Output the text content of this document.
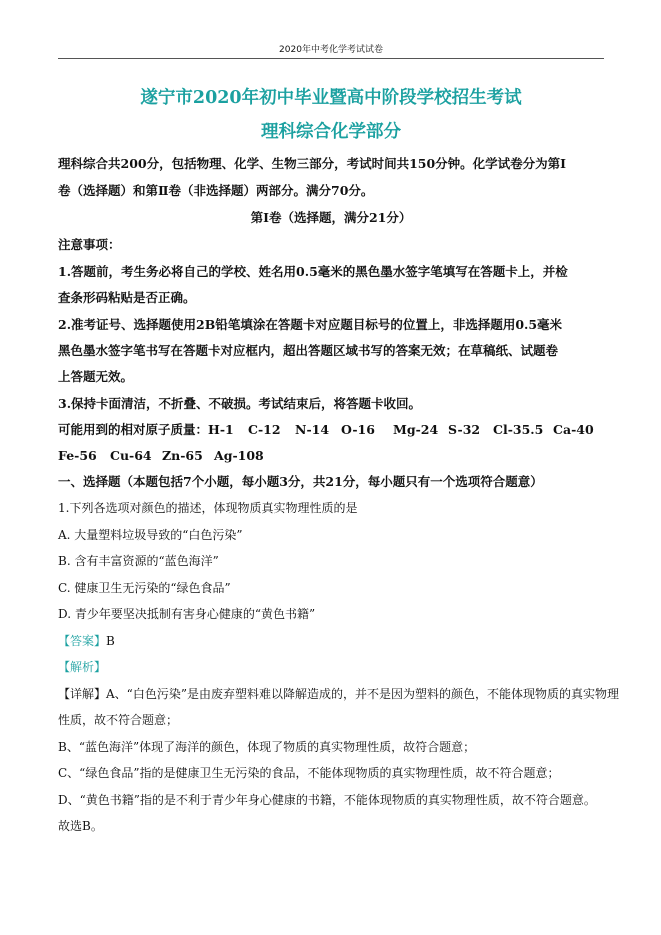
2020年中考化学考试试卷
遂宁市2020年初中毕业暨高中阶段学校招生考试
理科综合化学部分
理科综合共200分，包括物理、化学、生物三部分，考试时间共150分钟。化学试卷分为第Ⅰ
卷（选择题）和第Ⅱ卷（非选择题）两部分。满分70分。
第Ⅰ卷（选择题，满分21分）
注意事项：
1.答题前，考生务必将自己的学校、姓名用0.5毫米的黑色墨水签字笔填写在答题卡上，并检
查条形码粘贴是否正确。
2.准考证号、选择题使用2B铅笔填涂在答题卡对应题目标号的位置上，非选择题用0.5毫米
黑色墨水签字笔书写在答题卡对应框内，超出答题区域书写的答案无效；在草稿纸、试题卷
上答题无效。
3.保持卡面清洁，不折叠、不破损。考试结束后，将答题卡收回。
可能用到的相对原子质量：H-1 C-12 N-14 O-16 Mg-24 S-32 Cl-35.5 Ca-40
Fe-56 Cu-64 Zn-65 Ag-108
一、选择题（本题包括7个小题，每小题3分，共21分，每小题只有一个选项符合题意）
1.下列各选项对颜色的描述，体现物质真实物理性质的是
A. 大量塑料垃圾导致的“白色污染”
B. 含有丰富资源的“蓝色海洋”
C. 健康卫生无污染的“绿色食品”
D. 青少年要坚决抵制有害身心健康的“黄色书籍”
【答案】B
【解析】
【详解】A、“白色污染”是由废弃塑料难以降解造成的，并不是因为塑料的颜色，不能体现物质的真实物理
性质，故不符合题意；
B、“蓝色海洋”体现了海洋的颜色，体现了物质的真实物理性质，故符合题意；
C、“绿色食品”指的是健康卫生无污染的食品，不能体现物质的真实物理性质，故不符合题意；
D、“黄色书籍”指的是不利于青少年身心健康的书籍，不能体现物质的真实物理性质，故不符合题意。
故选B。
